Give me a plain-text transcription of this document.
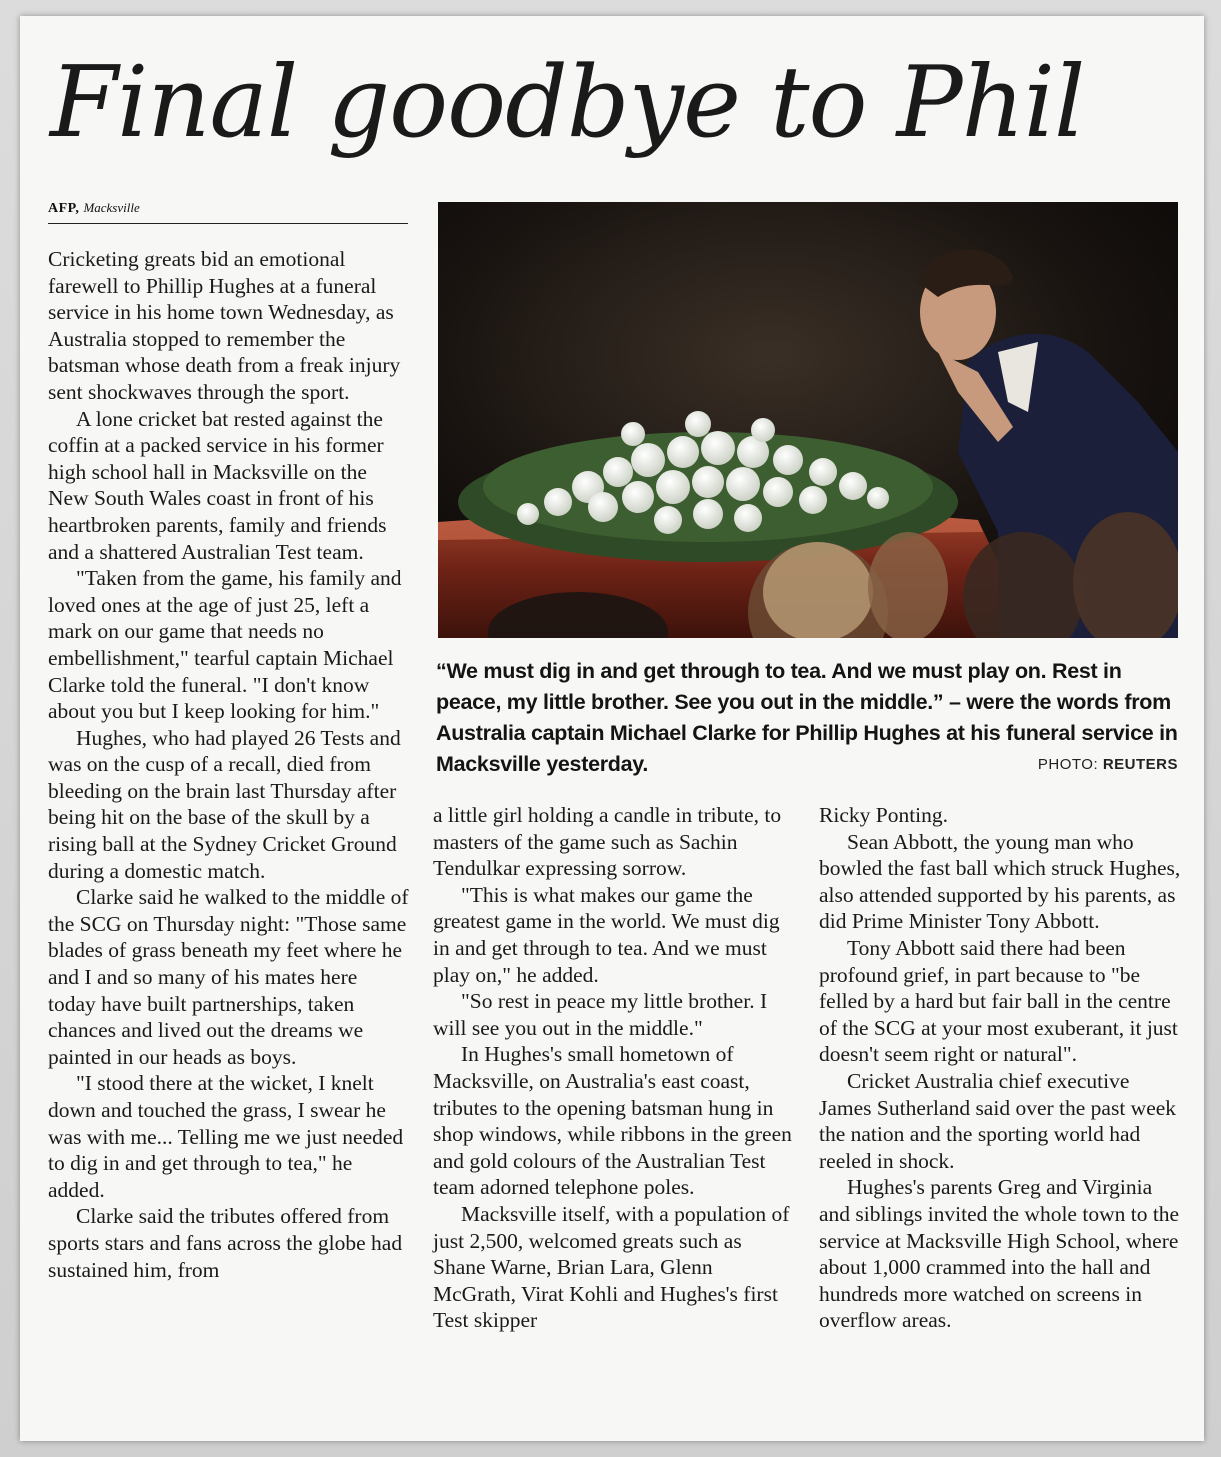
Final goodbye to Phil
AFP, Macksville

Cricketing greats bid an emotional farewell to Phillip Hughes at a funeral service in his home town Wednesday, as Australia stopped to remember the batsman whose death from a freak injury sent shockwaves through the sport.

A lone cricket bat rested against the coffin at a packed service in his former high school hall in Macksville on the New South Wales coast in front of his heartbroken parents, family and friends and a shattered Australian Test team.

"Taken from the game, his family and loved ones at the age of just 25, left a mark on our game that needs no embellishment," tearful captain Michael Clarke told the funeral. "I don't know about you but I keep looking for him."

Hughes, who had played 26 Tests and was on the cusp of a recall, died from bleeding on the brain last Thursday after being hit on the base of the skull by a rising ball at the Sydney Cricket Ground during a domestic match.

Clarke said he walked to the middle of the SCG on Thursday night: "Those same blades of grass beneath my feet where he and I and so many of his mates here today have built partnerships, taken chances and lived out the dreams we painted in our heads as boys.

"I stood there at the wicket, I knelt down and touched the grass, I swear he was with me... Telling me we just needed to dig in and get through to tea," he added.

Clarke said the tributes offered from sports stars and fans across the globe had sustained him, from

“We must dig in and get through to tea. And we must play on. Rest in peace, my little brother. See you out in the middle.” – were the words from Australia captain Michael Clarke for Phillip Hughes at his funeral service in Macksville yesterday.	PHOTO: REUTERS

a little girl holding a candle in tribute, to masters of the game such as Sachin Tendulkar expressing sorrow.

"This is what makes our game the greatest game in the world. We must dig in and get through to tea. And we must play on," he added.

"So rest in peace my little brother. I will see you out in the middle."

In Hughes's small hometown of Macksville, on Australia's east coast, tributes to the opening batsman hung in shop windows, while ribbons in the green and gold colours of the Australian Test team adorned telephone poles.

Macksville itself, with a population of just 2,500, welcomed greats such as Shane Warne, Brian Lara, Glenn McGrath, Virat Kohli and Hughes's first Test skipper

Ricky Ponting.

Sean Abbott, the young man who bowled the fast ball which struck Hughes, also attended supported by his parents, as did Prime Minister Tony Abbott.

Tony Abbott said there had been profound grief, in part because to "be felled by a hard but fair ball in the centre of the SCG at your most exuberant, it just doesn't seem right or natural".

Cricket Australia chief executive James Sutherland said over the past week the nation and the sporting world had reeled in shock.

Hughes's parents Greg and Virginia and siblings invited the whole town to the service at Macksville High School, where about 1,000 crammed into the hall and hundreds more watched on screens in overflow areas.
